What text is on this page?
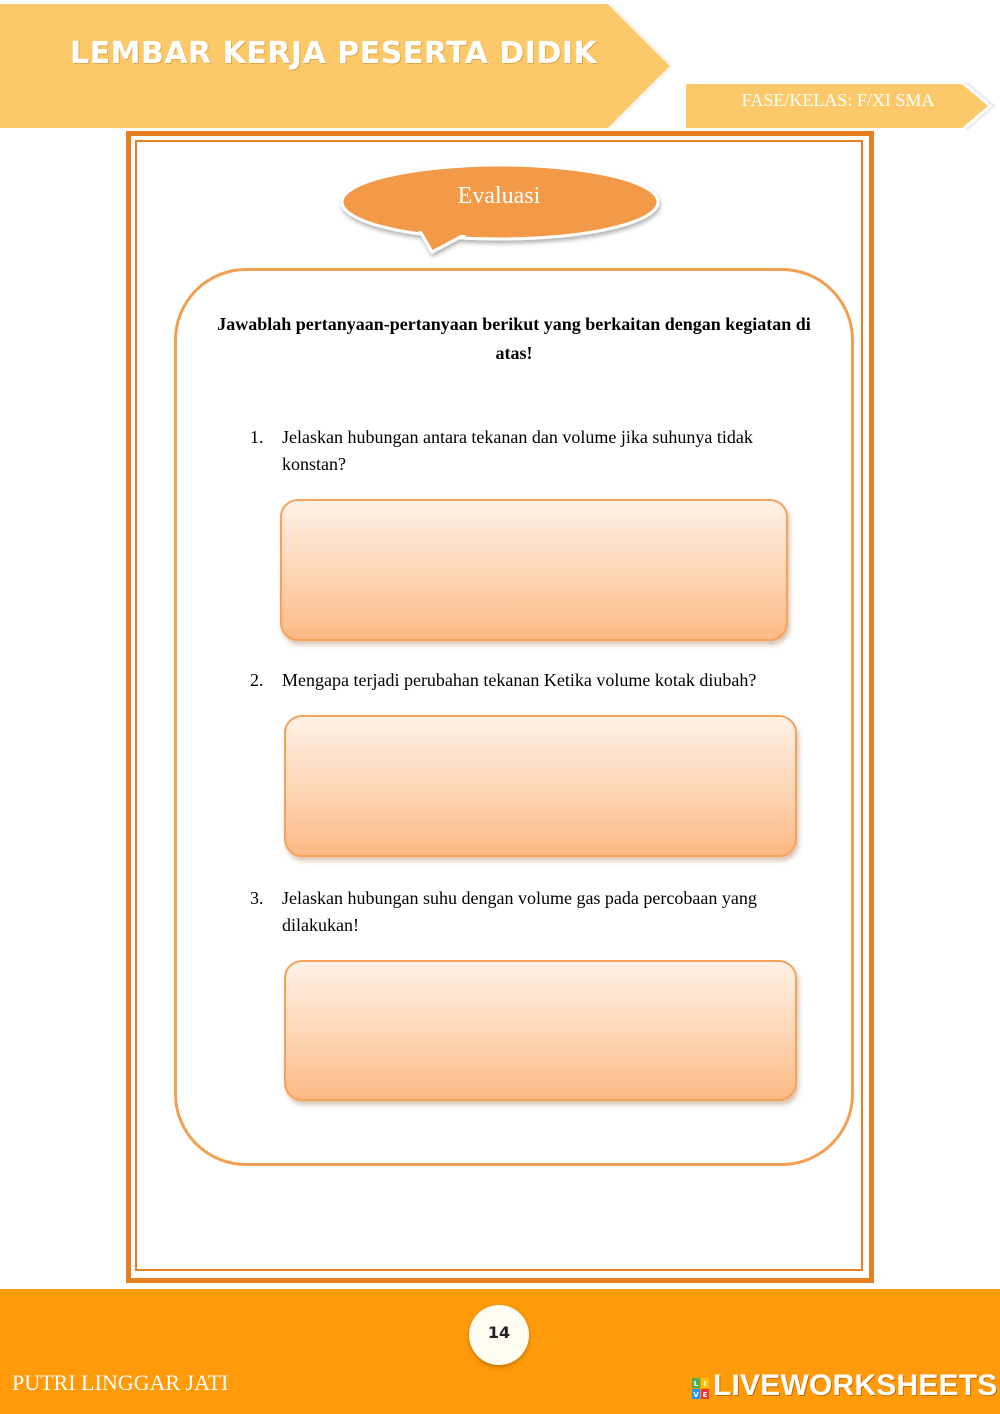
LEMBAR KERJA PESERTA DIDIK
FASE/KELAS: F/XI SMA
Evaluasi
Jawablah pertanyaan-pertanyaan berikut yang berkaitan dengan kegiatan di atas!
1. Jelaskan hubungan antara tekanan dan volume jika suhunya tidak konstan?
2. Mengapa terjadi perubahan tekanan Ketika volume kotak diubah?
3. Jelaskan hubungan suhu dengan volume gas pada percobaan yang dilakukan!
14
PUTRI LINGGAR JATI	L I
V E LIVEWORKSHEETS
